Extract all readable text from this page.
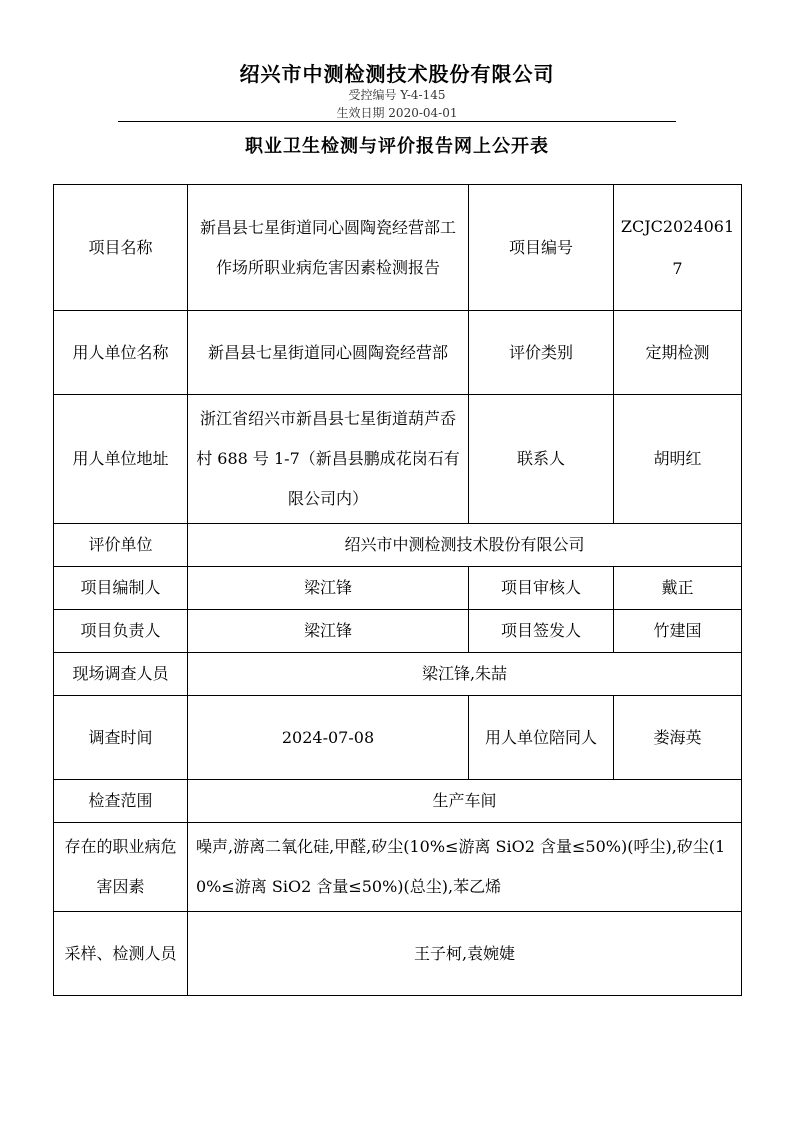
绍兴市中测检测技术股份有限公司
受控编号 Y-4-145
生效日期 2020-04-01
职业卫生检测与评价报告网上公开表
项目名称	新昌县七星街道同心圆陶瓷经营部工作场所职业病危害因素检测报告	项目编号	ZCJC20240617
用人单位名称	新昌县七星街道同心圆陶瓷经营部	评价类别	定期检测
用人单位地址	浙江省绍兴市新昌县七星街道葫芦岙村 688 号 1-7（新昌县鹏成花岗石有限公司内）	联系人	胡明红
评价单位	绍兴市中测检测技术股份有限公司		
项目编制人	梁江锋	项目审核人	戴正
项目负责人	梁江锋	项目签发人	竹建国
现场调查人员	梁江锋,朱喆		
调查时间	2024-07-08	用人单位陪同人	娄海英
检查范围	生产车间		
存在的职业病危害因素	噪声,游离二氧化硅,甲醛,矽尘(10%≤游离 SiO2 含量≤50%)(呼尘),矽尘(10%≤游离 SiO2 含量≤50%)(总尘),苯乙烯		
采样、检测人员	王子柯,袁婉婕		
